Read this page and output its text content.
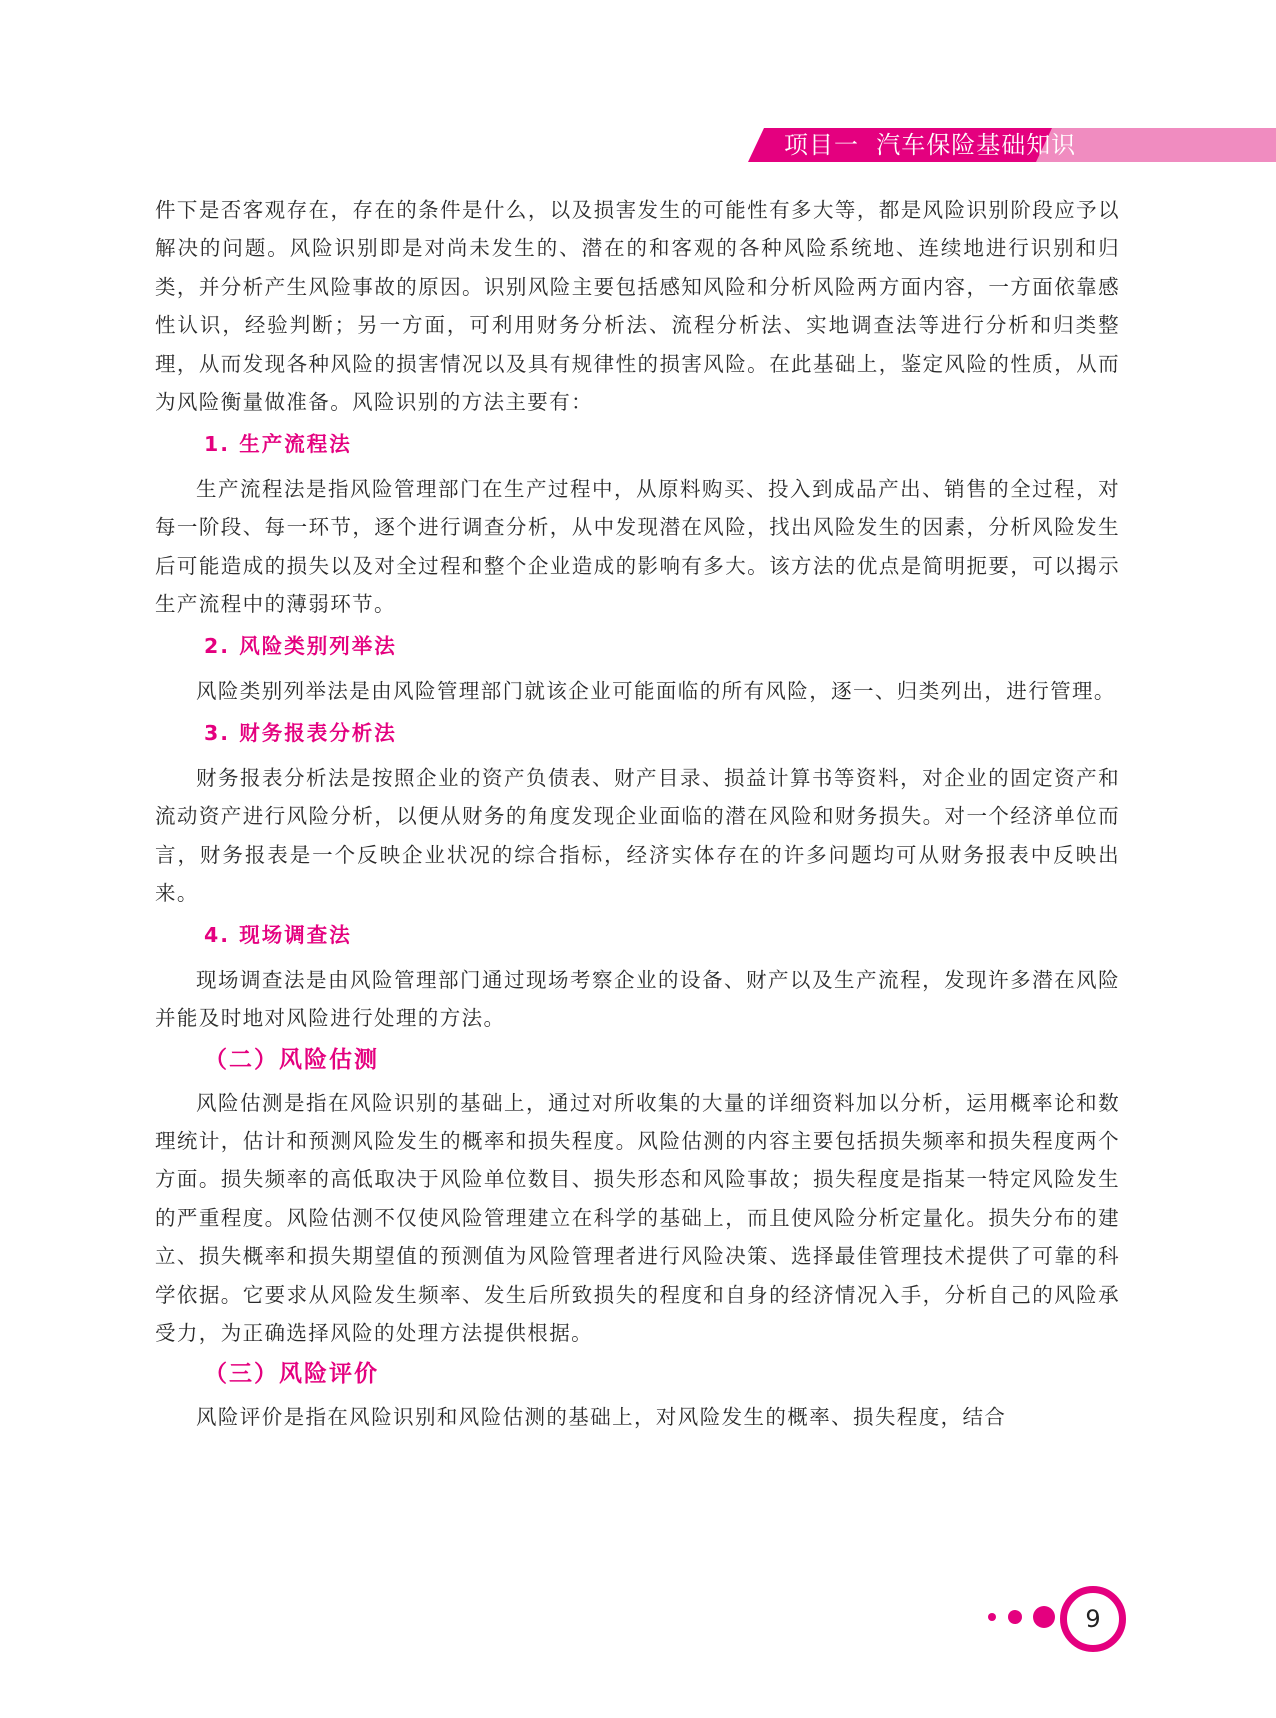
项目一  汽车保险基础知识

件下是否客观存在，存在的条件是什么，以及损害发生的可能性有多大等，都是风险识别阶段应予以解决的问题。风险识别即是对尚未发生的、潜在的和客观的各种风险系统地、连续地进行识别和归类，并分析产生风险事故的原因。识别风险主要包括感知风险和分析风险两方面内容，一方面依靠感性认识，经验判断；另一方面，可利用财务分析法、流程分析法、实地调查法等进行分析和归类整理，从而发现各种风险的损害情况以及具有规律性的损害风险。在此基础上，鉴定风险的性质，从而为风险衡量做准备。风险识别的方法主要有：

1. 生产流程法

生产流程法是指风险管理部门在生产过程中，从原料购买、投入到成品产出、销售的全过程，对每一阶段、每一环节，逐个进行调查分析，从中发现潜在风险，找出风险发生的因素，分析风险发生后可能造成的损失以及对全过程和整个企业造成的影响有多大。该方法的优点是简明扼要，可以揭示生产流程中的薄弱环节。

2. 风险类别列举法

风险类别列举法是由风险管理部门就该企业可能面临的所有风险，逐一、归类列出，进行管理。

3. 财务报表分析法

财务报表分析法是按照企业的资产负债表、财产目录、损益计算书等资料，对企业的固定资产和流动资产进行风险分析，以便从财务的角度发现企业面临的潜在风险和财务损失。对一个经济单位而言，财务报表是一个反映企业状况的综合指标，经济实体存在的许多问题均可从财务报表中反映出来。

4. 现场调查法

现场调查法是由风险管理部门通过现场考察企业的设备、财产以及生产流程，发现许多潜在风险并能及时地对风险进行处理的方法。

（二）风险估测

风险估测是指在风险识别的基础上，通过对所收集的大量的详细资料加以分析，运用概率论和数理统计，估计和预测风险发生的概率和损失程度。风险估测的内容主要包括损失频率和损失程度两个方面。损失频率的高低取决于风险单位数目、损失形态和风险事故；损失程度是指某一特定风险发生的严重程度。风险估测不仅使风险管理建立在科学的基础上，而且使风险分析定量化。损失分布的建立、损失概率和损失期望值的预测值为风险管理者进行风险决策、选择最佳管理技术提供了可靠的科学依据。它要求从风险发生频率、发生后所致损失的程度和自身的经济情况入手，分析自己的风险承受力，为正确选择风险的处理方法提供根据。

（三）风险评价

风险评价是指在风险识别和风险估测的基础上，对风险发生的概率、损失程度，结合

9
